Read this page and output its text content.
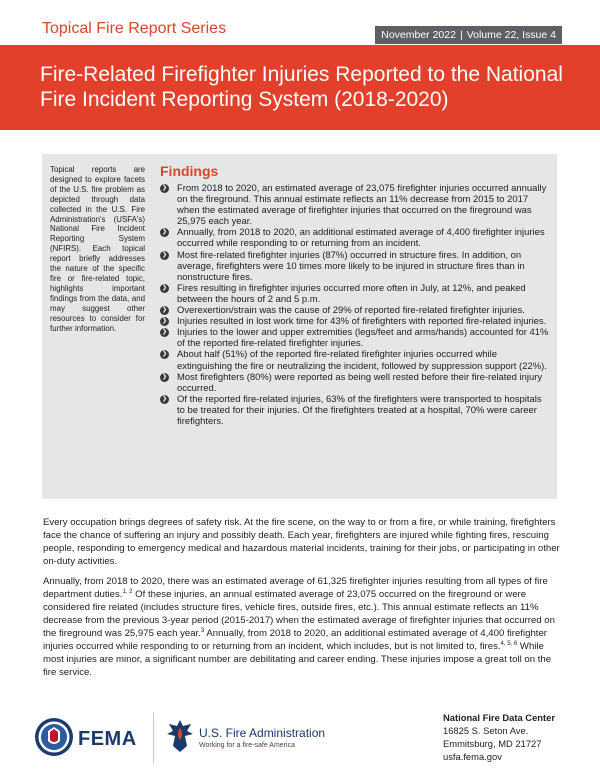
Topical Fire Report Series	November 2022 | Volume 22, Issue 4
Fire-Related Firefighter Injuries Reported to the National Fire Incident Reporting System (2018-2020)
Topical reports are designed to explore facets of the U.S. fire problem as depicted through data collected in the U.S. Fire Administration's (USFA's) National Fire Incident Reporting System (NFIRS). Each topical report briefly addresses the nature of the specific fire or fire-related topic, highlights important findings from the data, and may suggest other resources to consider for further information.
Findings
❯ From 2018 to 2020, an estimated average of 23,075 firefighter injuries occurred annually on the fireground. This annual estimate reflects an 11% decrease from 2015 to 2017 when the estimated average of firefighter injuries that occurred on the fireground was 25,975 each year.
❯ Annually, from 2018 to 2020, an additional estimated average of 4,400 firefighter injuries occurred while responding to or returning from an incident.
❯ Most fire-related firefighter injuries (87%) occurred in structure fires. In addition, on average, firefighters were 10 times more likely to be injured in structure fires than in nonstructure fires.
❯ Fires resulting in firefighter injuries occurred more often in July, at 12%, and peaked between the hours of 2 and 5 p.m.
❯ Overexertion/strain was the cause of 29% of reported fire-related firefighter injuries.
❯ Injuries resulted in lost work time for 43% of firefighters with reported fire-related injuries.
❯ Injuries to the lower and upper extremities (legs/feet and arms/hands) accounted for 41% of the reported fire-related firefighter injuries.
❯ About half (51%) of the reported fire-related firefighter injuries occurred while extinguishing the fire or neutralizing the incident, followed by suppression support (22%).
❯ Most firefighters (80%) were reported as being well rested before their fire-related injury occurred.
❯ Of the reported fire-related injuries, 63% of the firefighters were transported to hospitals to be treated for their injuries. Of the firefighters treated at a hospital, 70% were career firefighters.

Every occupation brings degrees of safety risk. At the fire scene, on the way to or from a fire, or while training, firefighters face the chance of suffering an injury and possibly death. Each year, firefighters are injured while fighting fires, rescuing people, responding to emergency medical and hazardous material incidents, training for their jobs, or participating in other on-duty activities.

Annually, from 2018 to 2020, there was an estimated average of 61,325 firefighter injuries resulting from all types of fire department duties.$^{1, 2}$ Of these injuries, an annual estimated average of 23,075 occurred on the fireground or were considered fire related (includes structure fires, vehicle fires, outside fires, etc.). This annual estimate reflects an 11% decrease from the previous 3-year period (2015-2017) when the estimated average of firefighter injuries that occurred on the fireground was 25,975 each year.$^3$ Annually, from 2018 to 2020, an additional estimated average of 4,400 firefighter injuries occurred while responding to or returning from an incident, which includes, but is not limited to, fires.$^{4, 5, 6}$ While most injuries are minor, a significant number are debilitating and career ending. These injuries impose a great toll on the fire service.

FEMA	U.S. Fire Administration
Working for a fire-safe America
National Fire Data Center
16825 S. Seton Ave.
Emmitsburg, MD 21727
usfa.fema.gov
